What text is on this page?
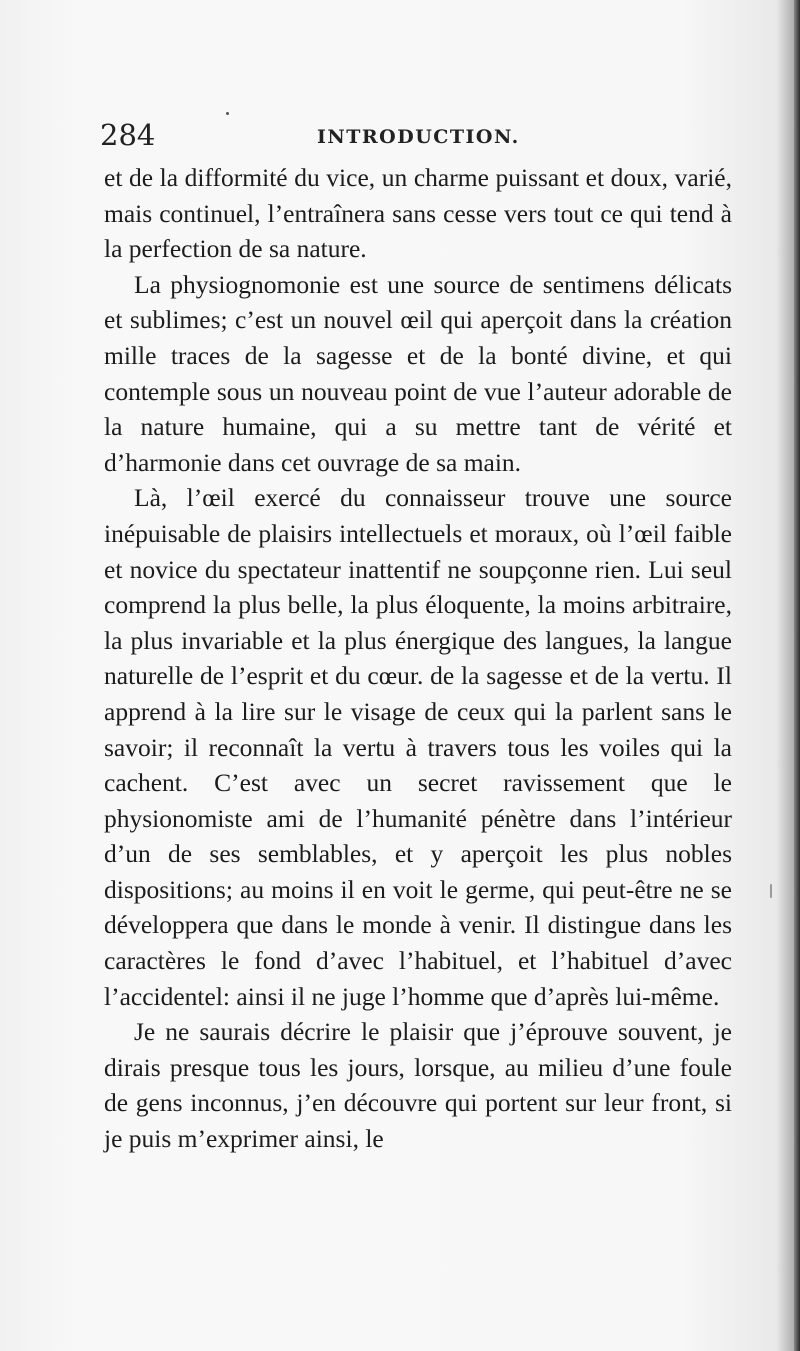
284	INTRODUCTION.

et de la difformité du vice, un charme puissant et doux, varié, mais continuel, l’entraînera sans cesse vers tout ce qui tend à la perfection de sa nature.

La physiognomonie est une source de sentimens délicats et sublimes; c’est un nouvel œil qui aperçoit dans la création mille traces de la sagesse et de la bonté divine, et qui contemple sous un nouveau point de vue l’auteur adorable de la nature humaine, qui a su mettre tant de vérité et d’harmonie dans cet ouvrage de sa main.

Là, l’œil exercé du connaisseur trouve une source inépuisable de plaisirs intellectuels et moraux, où l’œil faible et novice du spectateur inattentif ne soupçonne rien. Lui seul comprend la plus belle, la plus éloquente, la moins arbitraire, la plus invariable et la plus énergique des langues, la langue naturelle de l’esprit et du cœur. de la sagesse et de la vertu. Il apprend à la lire sur le visage de ceux qui la parlent sans le savoir; il reconnaît la vertu à travers tous les voiles qui la cachent. C’est avec un secret ravissement que le physionomiste ami de l’humanité pénètre dans l’intérieur d’un de ses semblables, et y aperçoit les plus nobles dispositions; au moins il en voit le germe, qui peut-être ne se développera que dans le monde à venir. Il distingue dans les caractères le fond d’avec l’habituel, et l’habituel d’avec l’accidentel: ainsi il ne juge l’homme que d’après lui-même.

Je ne saurais décrire le plaisir que j’éprouve souvent, je dirais presque tous les jours, lorsque, au milieu d’une foule de gens inconnus, j’en découvre qui portent sur leur front, si je puis m’exprimer ainsi, le
